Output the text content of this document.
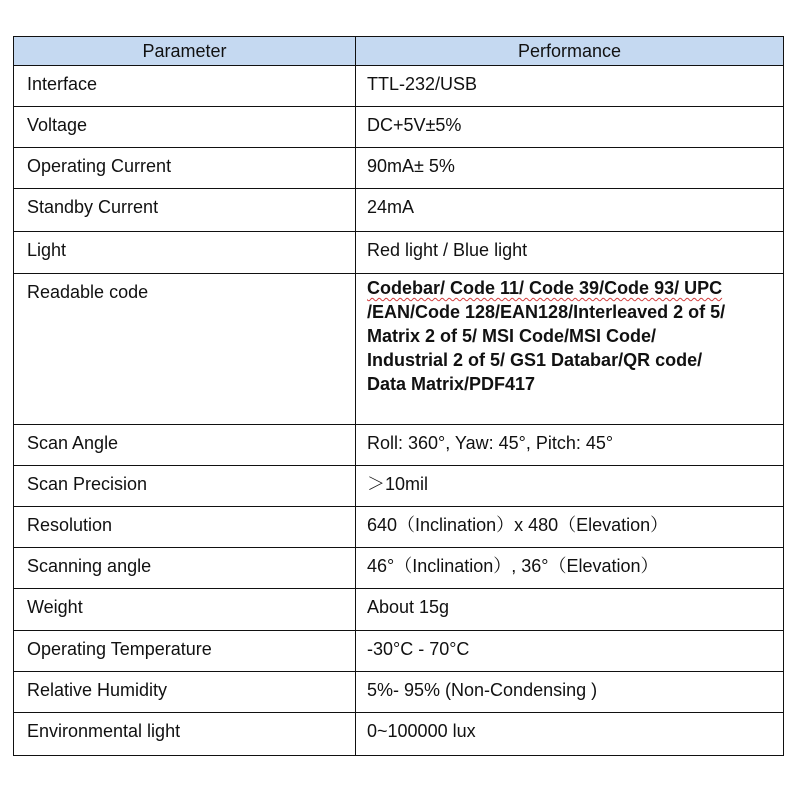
Parameter	Performance
Interface	TTL-232/USB
Voltage	DC+5V±5%
Operating Current	90mA± 5%
Standby Current	24mA
Light	Red light / Blue light
Readable code	Codebar/ Code 11/ Code 39/Code 93/ UPC
/EAN/Code 128/EAN128/Interleaved 2 of 5/
Matrix 2 of 5/ MSI Code/MSI Code/
Industrial 2 of 5/ GS1 Databar/QR code/
Data Matrix/PDF417

Scan Angle	Roll: 360°, Yaw: 45°, Pitch: 45°
Scan Precision	＞10mil
Resolution	640（Inclination）x 480（Elevation）
Scanning angle	46°（Inclination）, 36°（Elevation）
Weight	About 15g
Operating Temperature	-30°C - 70°C
Relative Humidity	5%- 95% (Non-Condensing )
Environmental light	0~100000 lux
